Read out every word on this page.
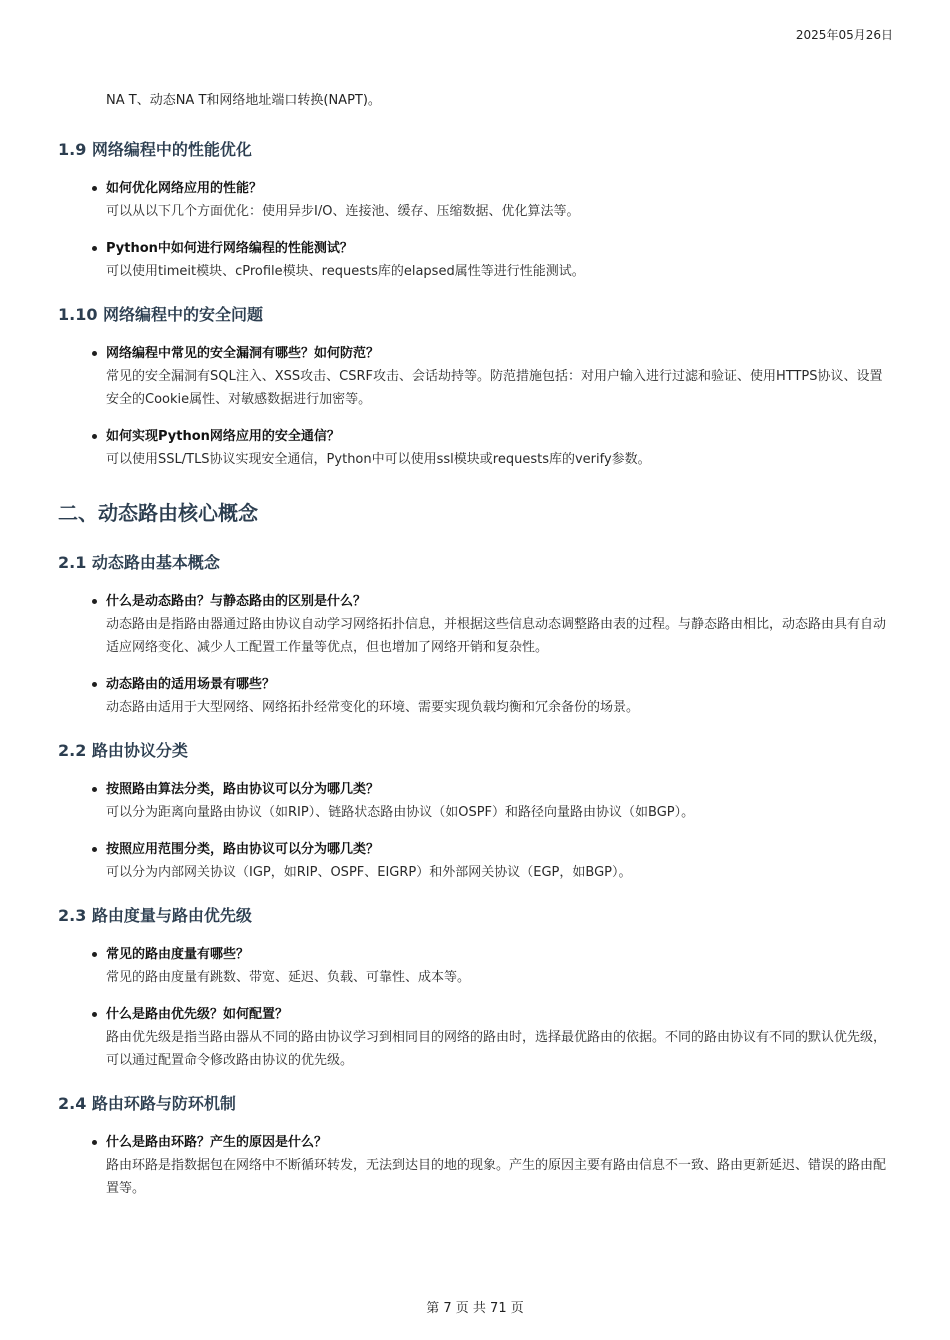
2025年05月26日
NA T、动态NA T和网络地址端口转换(NAPT)。
1.9 网络编程中的性能优化
如何优化网络应用的性能？
可以从以下几个方面优化：使用异步I/O、连接池、缓存、压缩数据、优化算法等。
Python中如何进行网络编程的性能测试？
可以使用timeit模块、cProfile模块、requests库的elapsed属性等进行性能测试。
1.10 网络编程中的安全问题
网络编程中常见的安全漏洞有哪些？如何防范？
常见的安全漏洞有SQL注入、XSS攻击、CSRF攻击、会话劫持等。防范措施包括：对用户输入进行过滤和验证、使用HTTPS协议、设置安全的Cookie属性、对敏感数据进行加密等。
如何实现Python网络应用的安全通信？
可以使用SSL/TLS协议实现安全通信，Python中可以使用ssl模块或requests库的verify参数。
二、动态路由核心概念
2.1 动态路由基本概念
什么是动态路由？与静态路由的区别是什么？
动态路由是指路由器通过路由协议自动学习网络拓扑信息，并根据这些信息动态调整路由表的过程。与静态路由相比，动态路由具有自动适应网络变化、减少人工配置工作量等优点，但也增加了网络开销和复杂性。
动态路由的适用场景有哪些？
动态路由适用于大型网络、网络拓扑经常变化的环境、需要实现负载均衡和冗余备份的场景。
2.2 路由协议分类
按照路由算法分类，路由协议可以分为哪几类？
可以分为距离向量路由协议（如RIP）、链路状态路由协议（如OSPF）和路径向量路由协议（如BGP）。
按照应用范围分类，路由协议可以分为哪几类？
可以分为内部网关协议（IGP，如RIP、OSPF、EIGRP）和外部网关协议（EGP，如BGP）。
2.3 路由度量与路由优先级
常见的路由度量有哪些？
常见的路由度量有跳数、带宽、延迟、负载、可靠性、成本等。
什么是路由优先级？如何配置？
路由优先级是指当路由器从不同的路由协议学习到相同目的网络的路由时，选择最优路由的依据。不同的路由协议有不同的默认优先级，可以通过配置命令修改路由协议的优先级。
2.4 路由环路与防环机制
什么是路由环路？产生的原因是什么？
路由环路是指数据包在网络中不断循环转发，无法到达目的地的现象。产生的原因主要有路由信息不一致、路由更新延迟、错误的路由配置等。
第 7 页 共 71 页
